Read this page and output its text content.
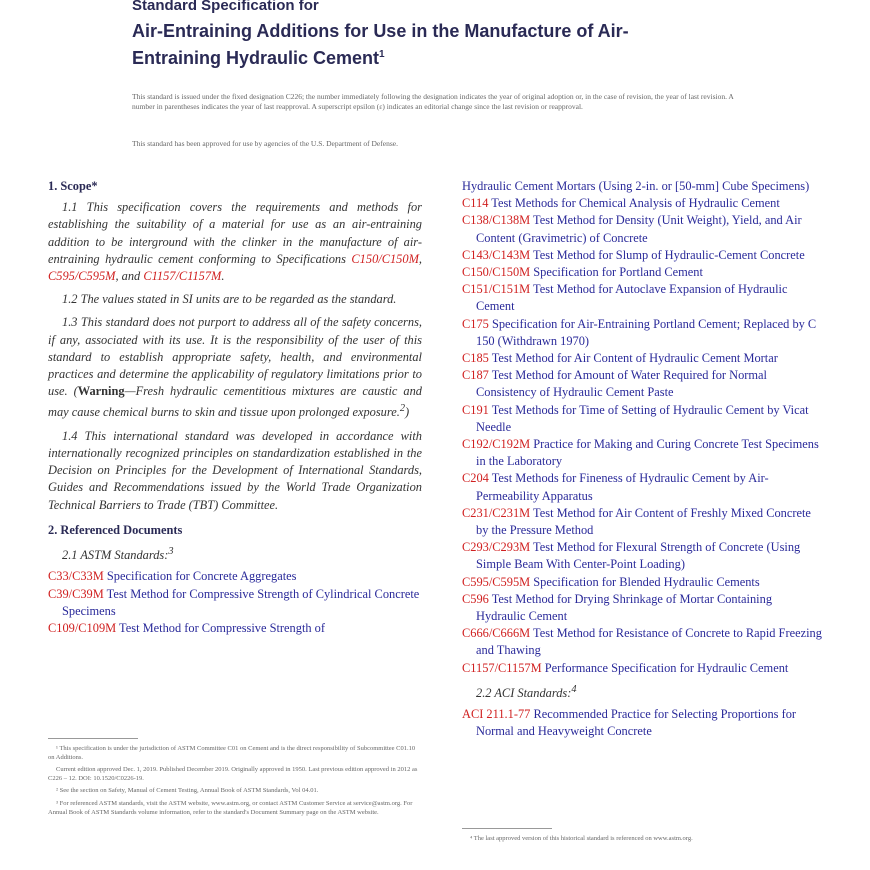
Standard Specification for
Air-Entraining Additions for Use in the Manufacture of Air-
Entraining Hydraulic Cement$^1$
This standard is issued under the fixed designation C226; the number immediately following the designation indicates the year of original adoption or, in the case of revision, the year of last revision. A number in parentheses indicates the year of last reapproval. A superscript epsilon (ε) indicates an editorial change since the last revision or reapproval.
This standard has been approved for use by agencies of the U.S. Department of Defense.

1. Scope*

1.1 This specification covers the requirements and methods for establishing the suitability of a material for use as an air-entraining addition to be interground with the clinker in the manufacture of air-entraining hydraulic cement conforming to Specifications C150/C150M, C595/C595M, and C1157/C1157M.

1.2 The values stated in SI units are to be regarded as the standard.

1.3 This standard does not purport to address all of the safety concerns, if any, associated with its use. It is the responsibility of the user of this standard to establish appropriate safety, health, and environmental practices and determine the applicability of regulatory limitations prior to use. (Warning—Fresh hydraulic cementitious mixtures are caustic and may cause chemical burns to skin and tissue upon prolonged exposure.$^2$)

1.4 This international standard was developed in accordance with internationally recognized principles on standardization established in the Decision on Principles for the Development of International Standards, Guides and Recommendations issued by the World Trade Organization Technical Barriers to Trade (TBT) Committee.

2. Referenced Documents

2.1 ASTM Standards:$^3$

C33/C33M Specification for Concrete Aggregates

C39/C39M Test Method for Compressive Strength of Cylindrical Concrete Specimens

C109/C109M Test Method for Compressive Strength of

Hydraulic Cement Mortars (Using 2-in. or [50-mm] Cube Specimens)

C114 Test Methods for Chemical Analysis of Hydraulic Cement

C138/C138M Test Method for Density (Unit Weight), Yield, and Air Content (Gravimetric) of Concrete

C143/C143M Test Method for Slump of Hydraulic-Cement Concrete

C150/C150M Specification for Portland Cement

C151/C151M Test Method for Autoclave Expansion of Hydraulic Cement

C175 Specification for Air-Entraining Portland Cement; Replaced by C 150 (Withdrawn 1970)

C185 Test Method for Air Content of Hydraulic Cement Mortar

C187 Test Method for Amount of Water Required for Normal Consistency of Hydraulic Cement Paste

C191 Test Methods for Time of Setting of Hydraulic Cement by Vicat Needle

C192/C192M Practice for Making and Curing Concrete Test Specimens in the Laboratory

C204 Test Methods for Fineness of Hydraulic Cement by Air-Permeability Apparatus

C231/C231M Test Method for Air Content of Freshly Mixed Concrete by the Pressure Method

C293/C293M Test Method for Flexural Strength of Concrete (Using Simple Beam With Center-Point Loading)

C595/C595M Specification for Blended Hydraulic Cements

C596 Test Method for Drying Shrinkage of Mortar Containing Hydraulic Cement

C666/C666M Test Method for Resistance of Concrete to Rapid Freezing and Thawing

C1157/C1157M Performance Specification for Hydraulic Cement

2.2 ACI Standards:$^4$

ACI 211.1-77 Recommended Practice for Selecting Proportions for Normal and Heavyweight Concrete

¹ This specification is under the jurisdiction of ASTM Committee C01 on Cement and is the direct responsibility of Subcommittee C01.10 on Additions.

Current edition approved Dec. 1, 2019. Published December 2019. Originally approved in 1950. Last previous edition approved in 2012 as C226 – 12. DOI: 10.1520/C0226-19.

² See the section on Safety, Manual of Cement Testing, Annual Book of ASTM Standards, Vol 04.01.

³ For referenced ASTM standards, visit the ASTM website, www.astm.org, or contact ASTM Customer Service at service@astm.org. For Annual Book of ASTM Standards volume information, refer to the standard's Document Summary page on the ASTM website.

⁴ The last approved version of this historical standard is referenced on www.astm.org.
